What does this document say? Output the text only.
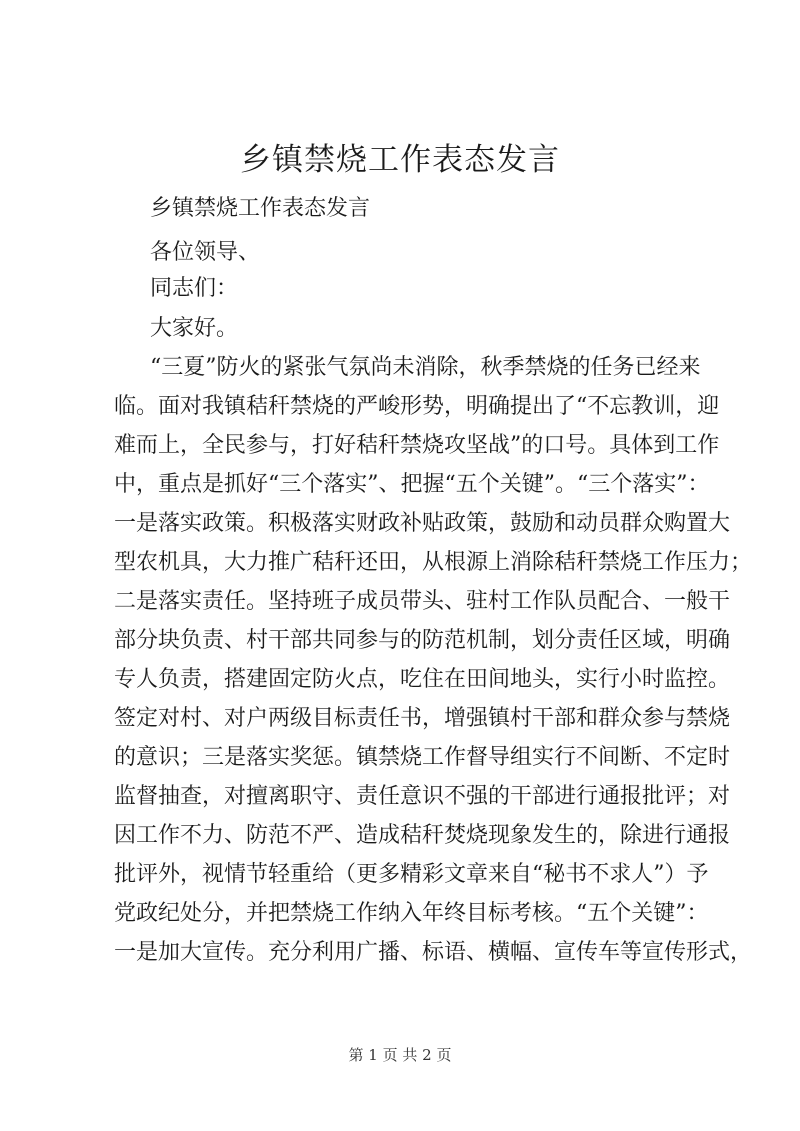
乡镇禁烧工作表态发言
乡镇禁烧工作表态发言
各位领导、
同志们：
大家好。
“三夏”防火的紧张气氛尚未消除，秋季禁烧的任务已经来
临。面对我镇秸秆禁烧的严峻形势，明确提出了“不忘教训，迎
难而上，全民参与，打好秸秆禁烧攻坚战”的口号。具体到工作
中，重点是抓好“三个落实”、把握“五个关键”。“三个落实”：
一是落实政策。积极落实财政补贴政策，鼓励和动员群众购置大
型农机具，大力推广秸秆还田，从根源上消除秸秆禁烧工作压力；
二是落实责任。坚持班子成员带头、驻村工作队员配合、一般干
部分块负责、村干部共同参与的防范机制，划分责任区域，明确
专人负责，搭建固定防火点，吃住在田间地头，实行小时监控。
签定对村、对户两级目标责任书，增强镇村干部和群众参与禁烧
的意识；三是落实奖惩。镇禁烧工作督导组实行不间断、不定时
监督抽查，对擅离职守、责任意识不强的干部进行通报批评；对
因工作不力、防范不严、造成秸秆焚烧现象发生的，除进行通报
批评外，视情节轻重给（更多精彩文章来自“秘书不求人”）予
党政纪处分，并把禁烧工作纳入年终目标考核。“五个关键”：
一是加大宣传。充分利用广播、标语、横幅、宣传车等宣传形式，
第 1 页 共 2 页
